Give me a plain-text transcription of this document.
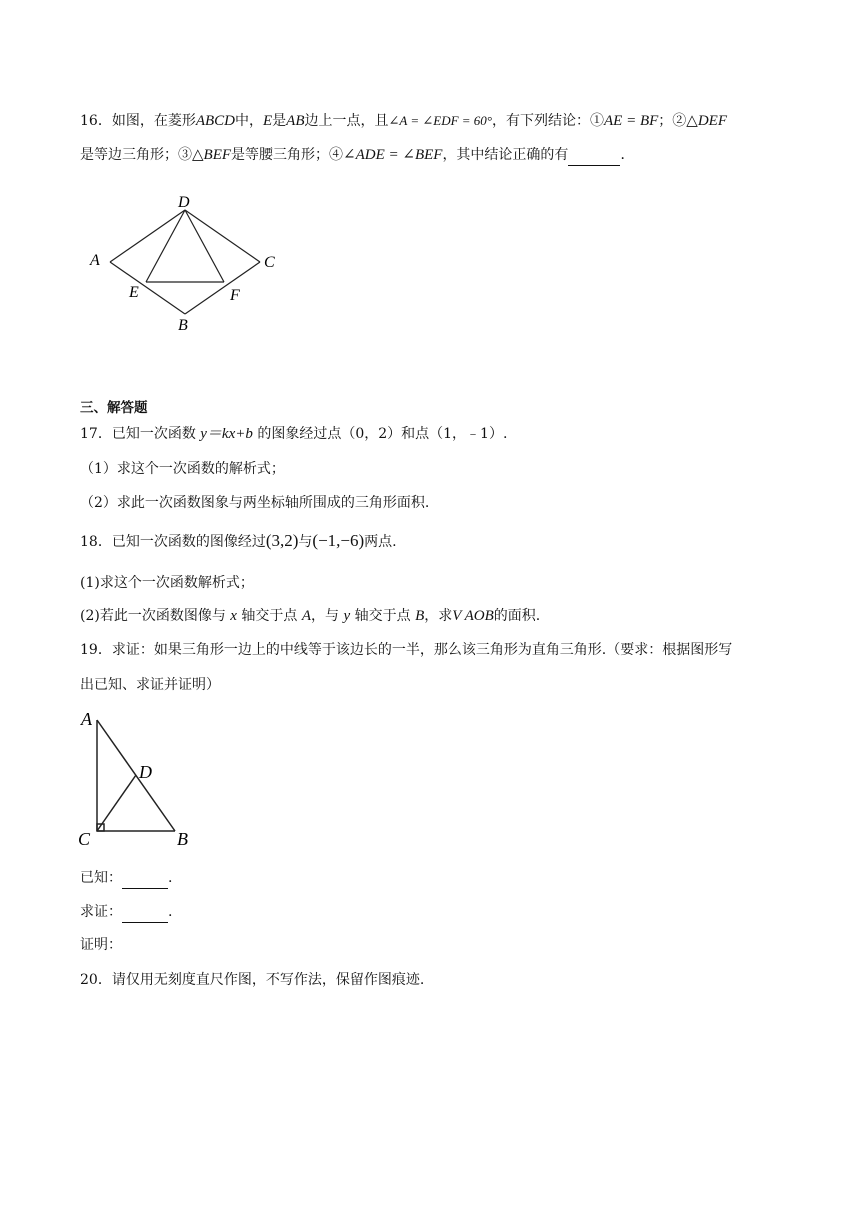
16．如图，在菱形ABCD中，E是AB边上一点，且∠A = ∠EDF = 60°，有下列结论：①AE = BF；②△DEF
是等边三角形；③△BEF是等腰三角形；④∠ADE = ∠BEF，其中结论正确的有	．
D
A	C
E	F
B
三、解答题
17．已知一次函数 y＝kx+b 的图象经过点（0，2）和点（1，﹣1）.
（1）求这个一次函数的解析式；
（2）求此一次函数图象与两坐标轴所围成的三角形面积.
18．已知一次函数的图像经过(3,2)与(−1,−6)两点.
(1)求这个一次函数解析式；
(2)若此一次函数图像与 x 轴交于点 A，与 y 轴交于点 B，求V AOB的面积.
19．求证：如果三角形一边上的中线等于该边长的一半，那么该三角形为直角三角形.（要求：根据图形写
出已知、求证并证明）
A
D
C	B
已知：	.
求证：	.
证明：
20．请仅用无刻度直尺作图，不写作法，保留作图痕迹.
